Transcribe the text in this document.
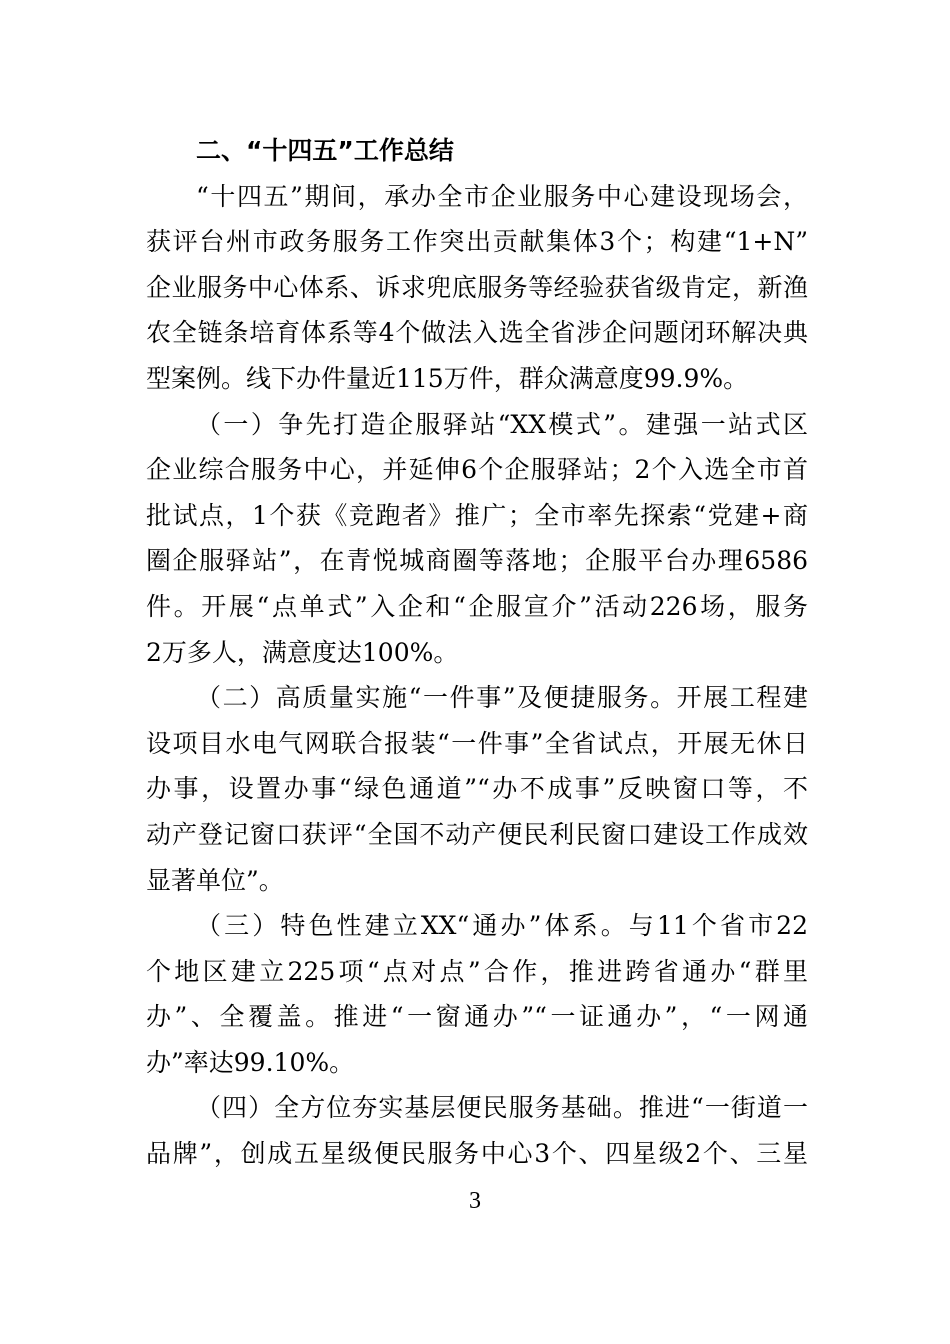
二、“十四五”工作总结
“十四五”期间，承办全市企业服务中心建设现场会，
获评台州市政务服务工作突出贡献集体3个；构建“1+N”
企业服务中心体系、诉求兜底服务等经验获省级肯定，新渔
农全链条培育体系等4个做法入选全省涉企问题闭环解决典
型案例。线下办件量近115万件，群众满意度99.9%。
（一）争先打造企服驿站“XX模式”。建强一站式区
企业综合服务中心，并延伸6个企服驿站；2个入选全市首
批试点，1个获《竞跑者》推广；全市率先探索“党建+商
圈企服驿站”，在青悦城商圈等落地；企服平台办理6586
件。开展“点单式”入企和“企服宣介”活动226场，服务
2万多人，满意度达100%。
（二）高质量实施“一件事”及便捷服务。开展工程建
设项目水电气网联合报装“一件事”全省试点，开展无休日
办事，设置办事“绿色通道”“办不成事”反映窗口等，不
动产登记窗口获评“全国不动产便民利民窗口建设工作成效
显著单位”。
（三）特色性建立XX“通办”体系。与11个省市22
个地区建立225项“点对点”合作，推进跨省通办“群里
办”、全覆盖。推进“一窗通办”“一证通办”，“一网通
办”率达99.10%。
（四）全方位夯实基层便民服务基础。推进“一街道一
品牌”，创成五星级便民服务中心3个、四星级2个、三星
3
